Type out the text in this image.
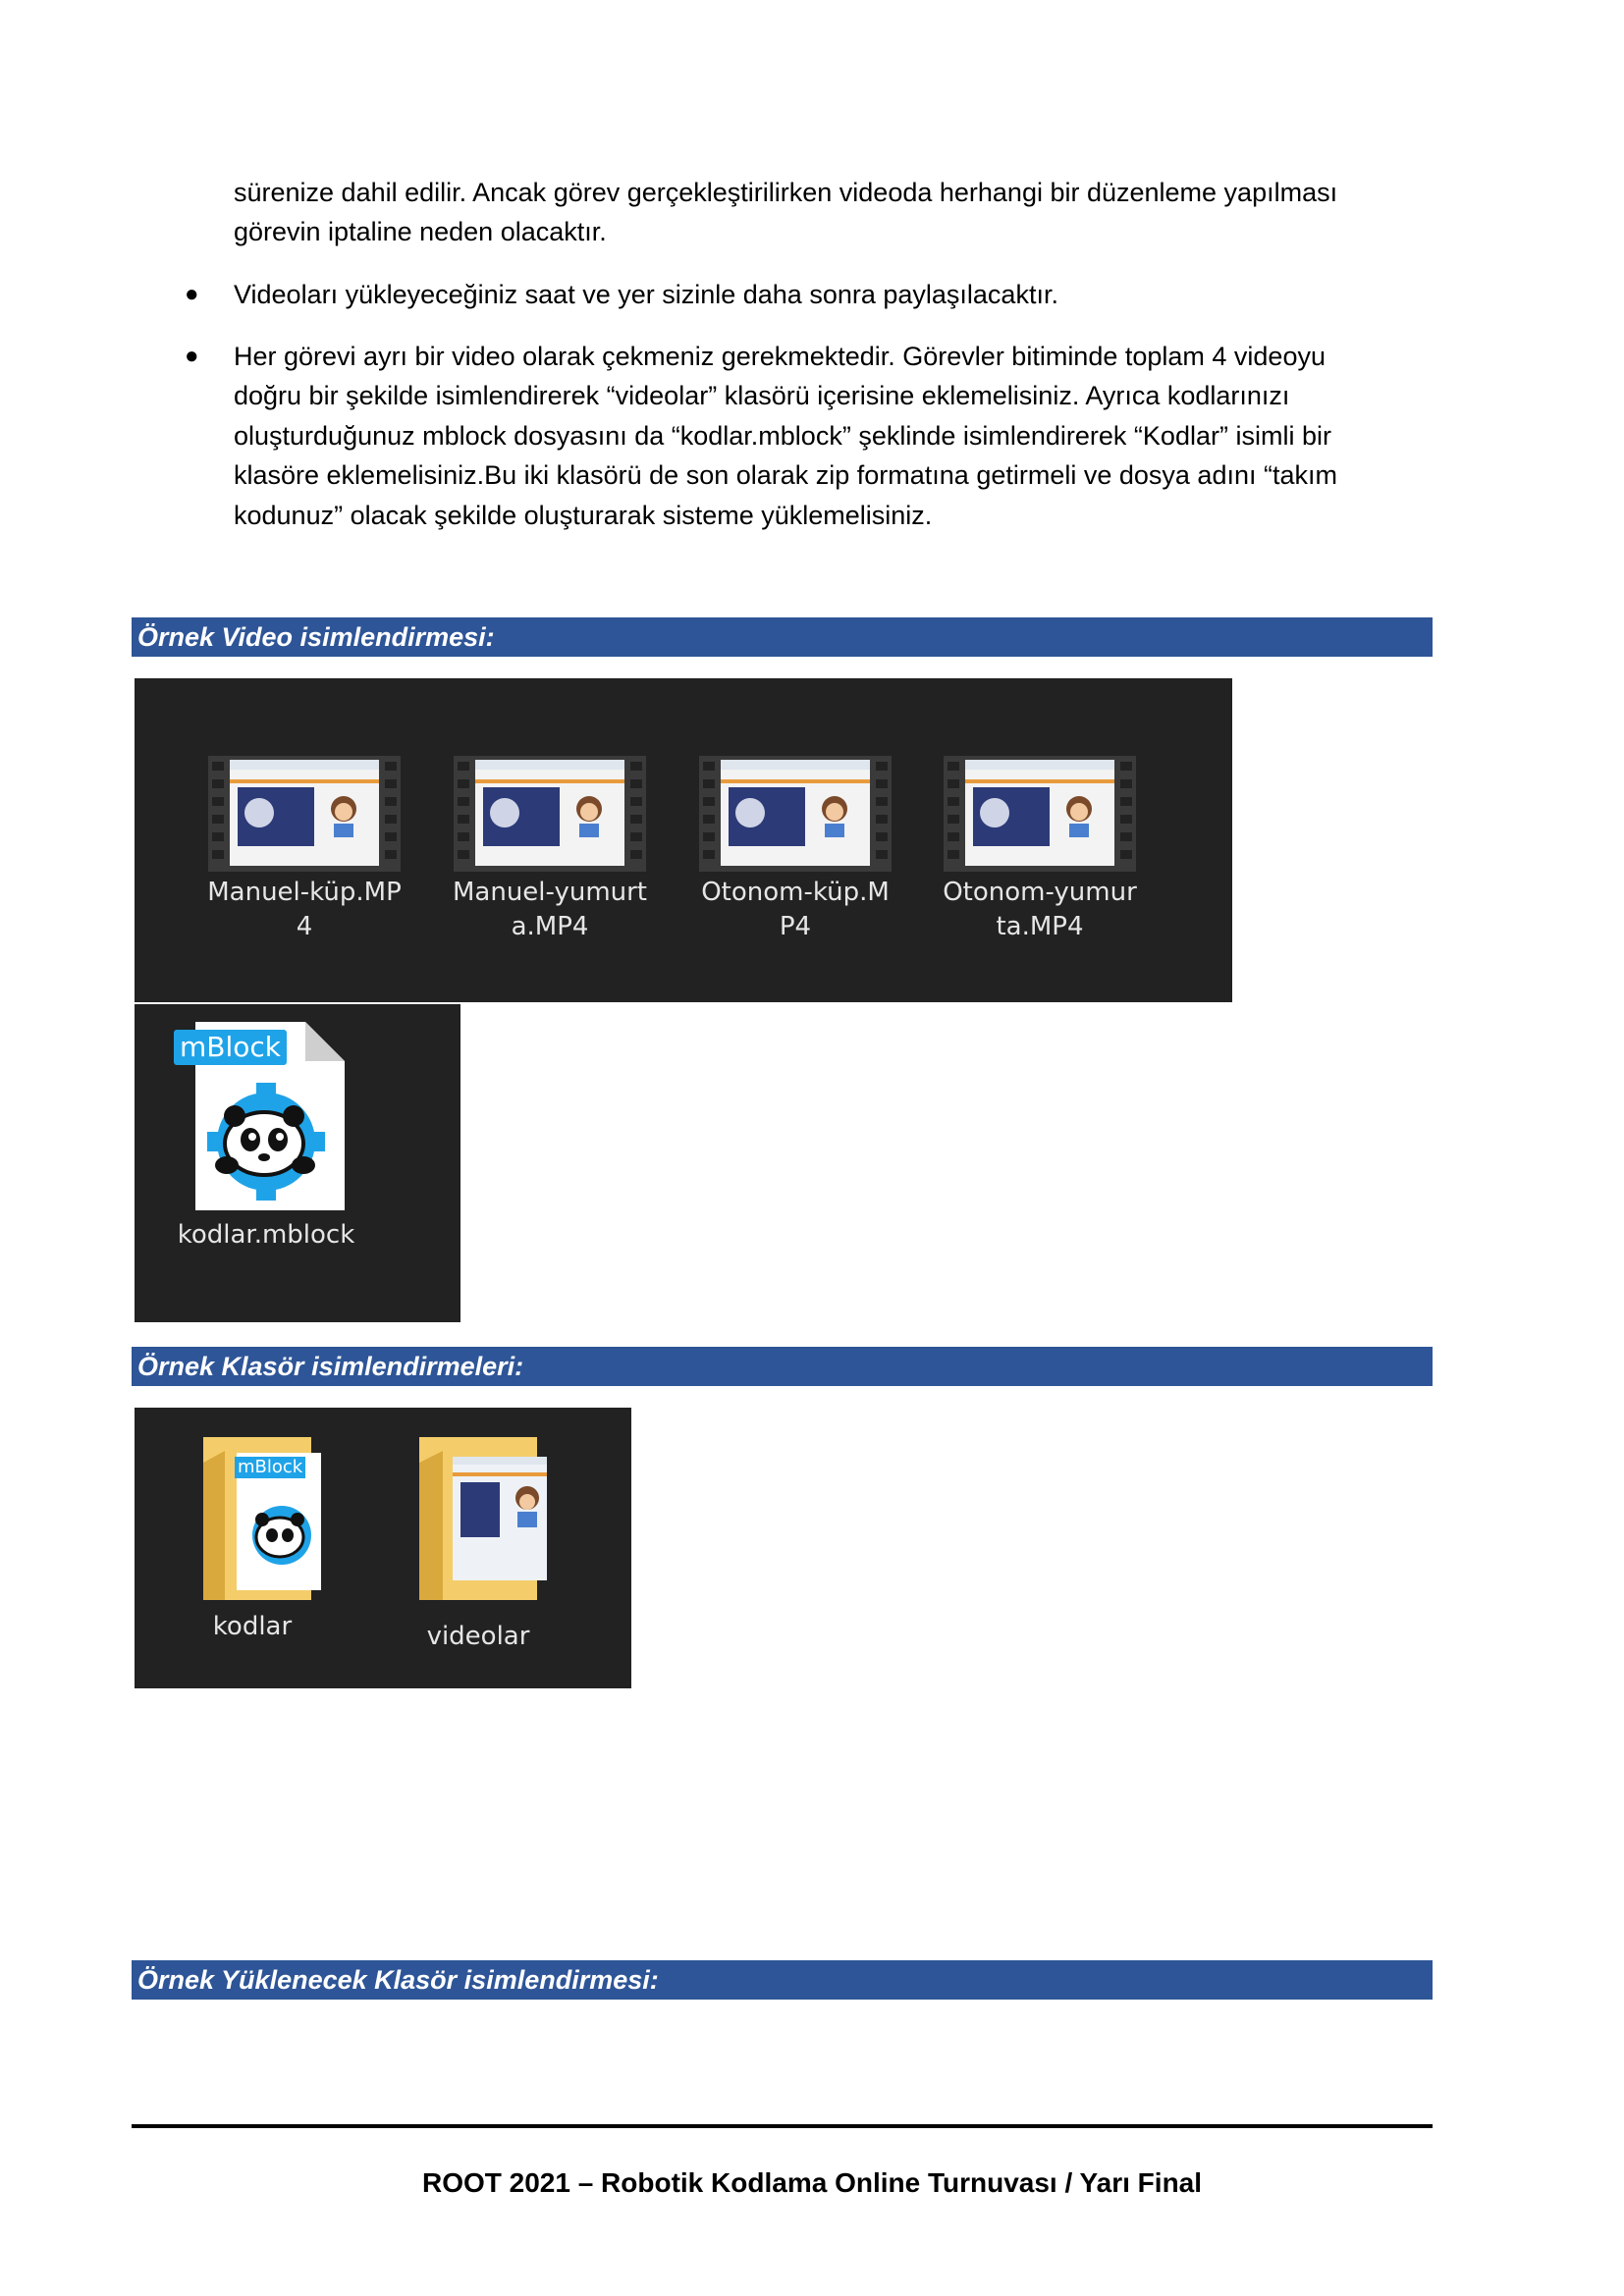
sürenize dahil edilir. Ancak görev gerçekleştirilirken videoda herhangi bir düzenleme yapılması

görevin iptaline neden olacaktır.

● Videoları yükleyeceğiniz saat ve yer sizinle daha sonra paylaşılacaktır.

● Her görevi ayrı bir video olarak çekmeniz gerekmektedir. Görevler bitiminde toplam 4 videoyu

doğru bir şekilde isimlendirerek “videolar” klasörü içerisine eklemelisiniz. Ayrıca kodlarınızı

oluşturduğunuz mblock dosyasını da “kodlar.mblock” şeklinde isimlendirerek “Kodlar” isimli bir

klasöre eklemelisiniz.Bu iki klasörü de son olarak zip formatına getirmeli ve dosya adını “takım

kodunuz” olacak şekilde oluşturarak sisteme yüklemelisiniz.

Örnek Video isimlendirmesi:
Manuel-küp.MP
4
Manuel-yumurt
a.MP4
Otonom-küp.M
P4
Otonom-yumur
ta.MP4
mBlock
kodlar.mblock
Örnek Klasör isimlendirmeleri:
mBlock
kodlar	videolar
Örnek Yüklenecek Klasör isimlendirmesi:
ROOT 2021 – Robotik Kodlama Online Turnuvası / Yarı Final
